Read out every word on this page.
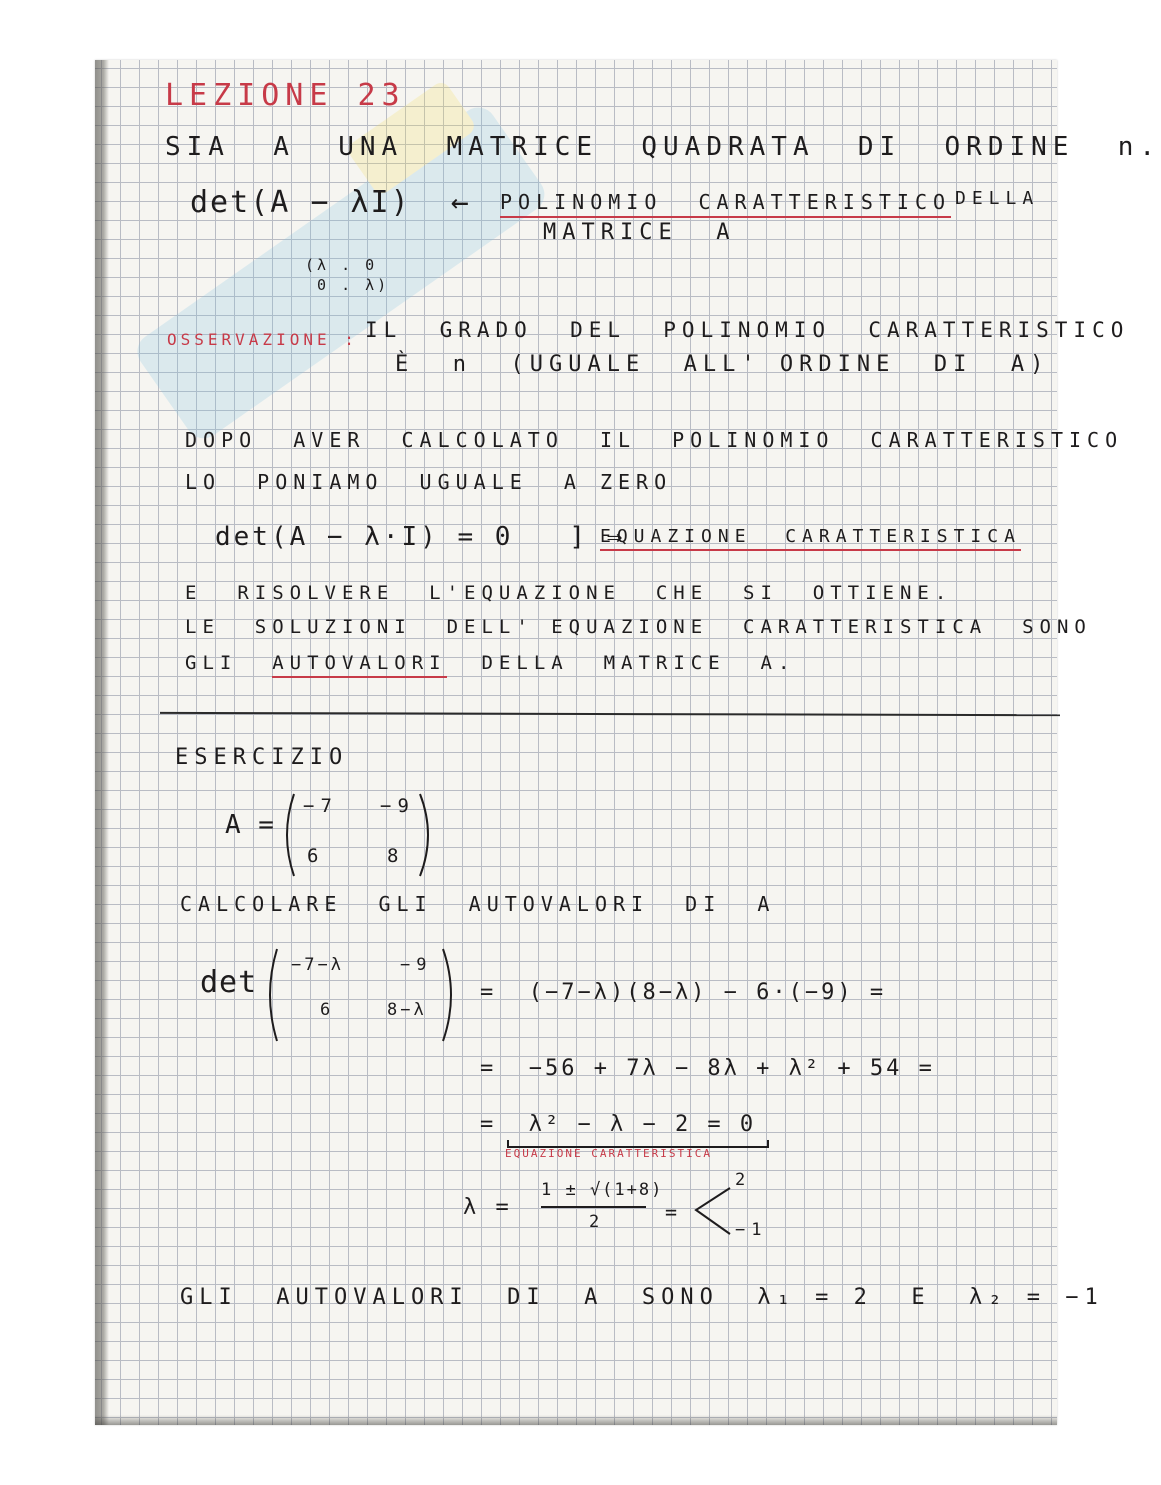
LEZIONE 23
SIA  A  UNA  MATRICE  QUADRATA  DI  ORDINE  n.
det(A − λI)  ← POLINOMIO  CARATTERISTICO DELLA
MATRICE  A
(λ . 0
0 . λ)
OSSERVAZIONE : IL  GRADO  DEL  POLINOMIO  CARATTERISTICO
È  n  (UGUALE  ALL' ORDINE  DI  A)
DOPO  AVER  CALCOLATO  IL  POLINOMIO  CARATTERISTICO
LO  PONIAMO  UGUALE  A ZERO
det(A − λ·I) = 0   ] ⇒
EQUAZIONE  CARATTERISTICA
E  RISOLVERE  L'EQUAZIONE  CHE  SI  OTTIENE.
LE  SOLUZIONI  DELL' EQUAZIONE  CARATTERISTICA  SONO
GLI AUTOVALORI DELLA  MATRICE  A.
ESERCIZIO
A =
−7 −9
6	8
CALCOLARE  GLI  AUTOVALORI  DI  A
det −7−λ	−9
6	8−λ
=  (−7−λ)(8−λ) − 6·(−9) =
=  −56 + 7λ − 8λ + λ² + 54 =
=  λ² − λ − 2 = 0
EQUAZIONE CARATTERISTICA
λ =
1 ± √(1+8)
2	=
2
−1
GLI  AUTOVALORI  DI  A  SONO  λ₁ = 2  E  λ₂ = −1
